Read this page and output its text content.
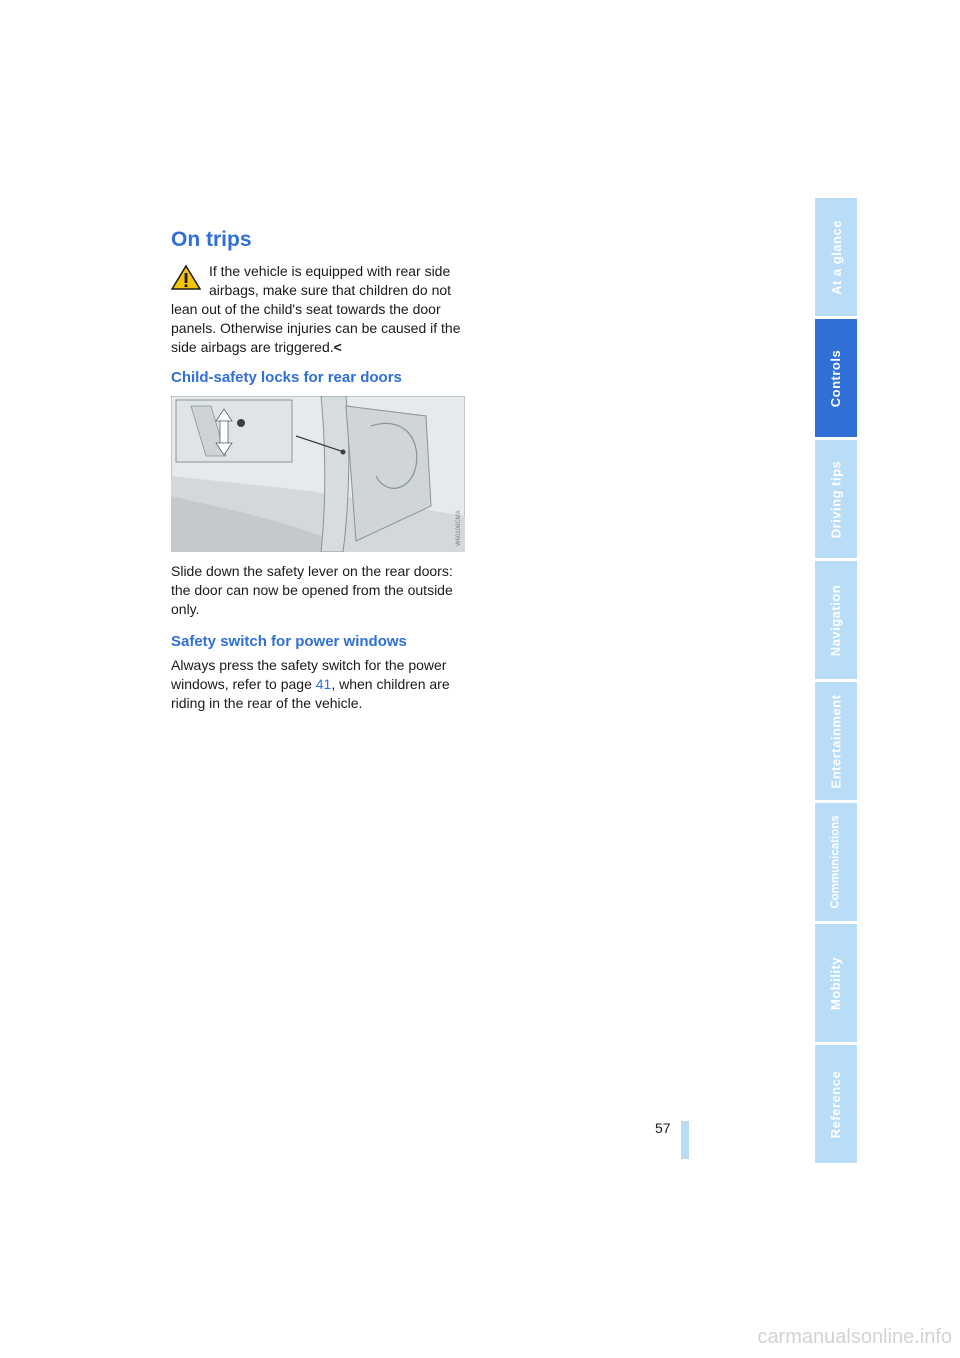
On trips
If the vehicle is equipped with rear side
airbags, make sure that children do not lean out of the child's seat towards the door panels. Otherwise injuries can be caused if the side airbags are triggered.<
Child-safety locks for rear doors
W60106CMA

Slide down the safety lever on the rear doors: the door can now be opened from the outside only.

Safety switch for power windows

Always press the safety switch for the power windows, refer to page 41, when children are riding in the rear of the vehicle.

57
At a glance
Controls
Driving tips
Navigation
Entertainment
Communications
Mobility
Reference
carmanualsonline.info
